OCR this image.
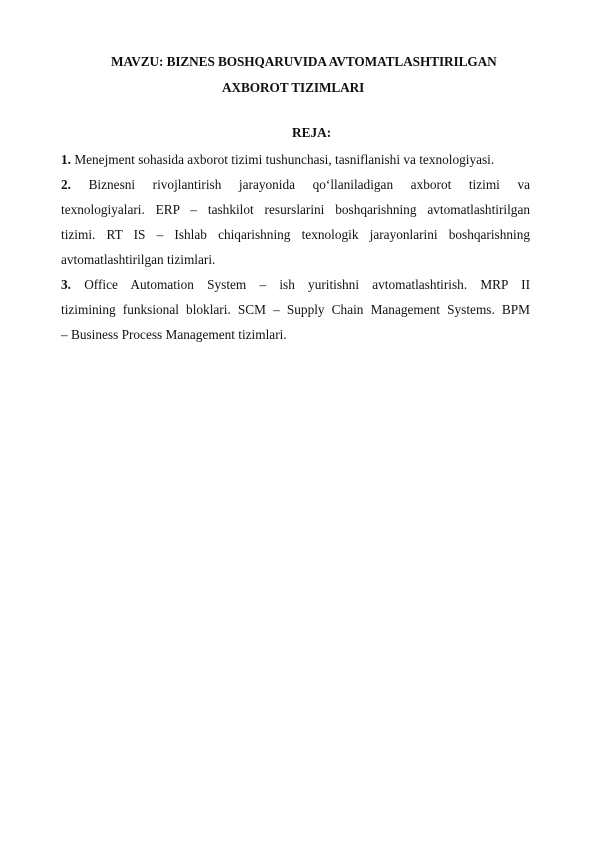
MAVZU: BIZNES BOSHQARUVIDA AVTOMATLASHTIRILGAN
AXBOROT TIZIMLARI
REJA:
1. Menejment sohasida axborot tizimi tushunchasi, tasniflanishi va texnologiyasi.
2. Biznesni rivojlantirish jarayonida qo‘llaniladigan axborot tizimi va
texnologiyalari. ERP – tashkilot resurslarini boshqarishning avtomatlashtirilgan
tizimi. RT IS – Ishlab chiqarishning texnologik jarayonlarini boshqarishning
avtomatlashtirilgan tizimlari.
3. Office Automation System – ish yuritishni avtomatlashtirish. MRP II
tizimining funksional bloklari. SCM – Supply Chain Management Systems. BPM
– Business Process Management tizimlari.
